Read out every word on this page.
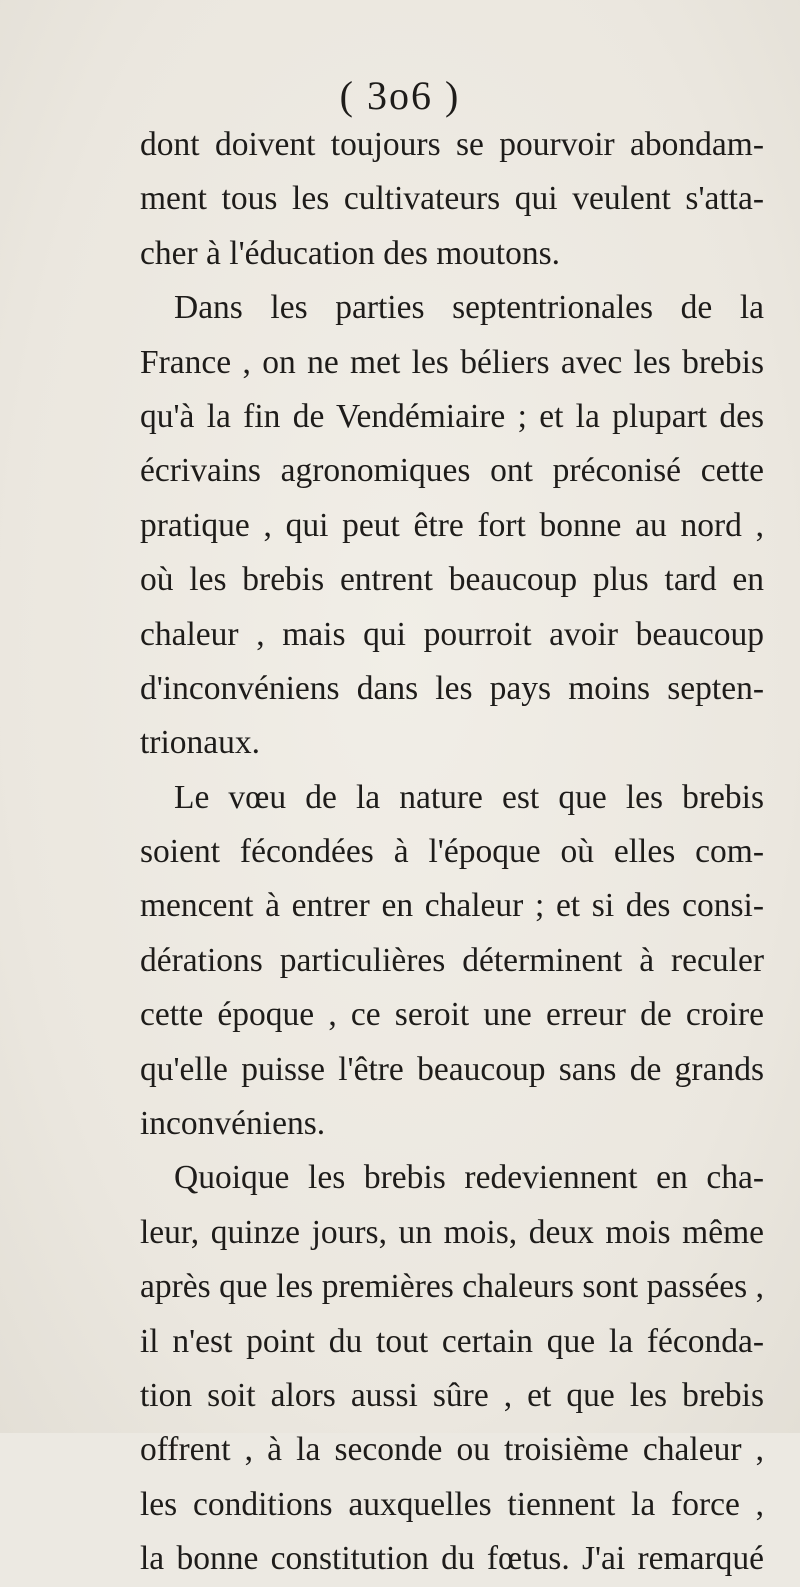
( 3o6 )
dont doivent toujours se pourvoir abondam-
ment tous les cultivateurs qui veulent s'atta-
cher à l'éducation des moutons.
Dans les parties septentrionales de la
France , on ne met les béliers avec les brebis
qu'à la fin de Vendémiaire ; et la plupart des
écrivains agronomiques ont préconisé cette
pratique , qui peut être fort bonne au nord ,
où les brebis entrent beaucoup plus tard en
chaleur , mais qui pourroit avoir beaucoup
d'inconvéniens dans les pays moins septen-
trionaux.
Le vœu de la nature est que les brebis
soient fécondées à l'époque où elles com-
mencent à entrer en chaleur ; et si des consi-
dérations particulières déterminent à reculer
cette époque , ce seroit une erreur de croire
qu'elle puisse l'être beaucoup sans de grands
inconvéniens.
Quoique les brebis redeviennent en cha-
leur, quinze jours, un mois, deux mois même
après que les premières chaleurs sont passées ,
il n'est point du tout certain que la féconda-
tion soit alors aussi sûre , et que les brebis
offrent , à la seconde ou troisième chaleur ,
les conditions auxquelles tiennent la force ,
la bonne constitution du fœtus. J'ai remarqué
